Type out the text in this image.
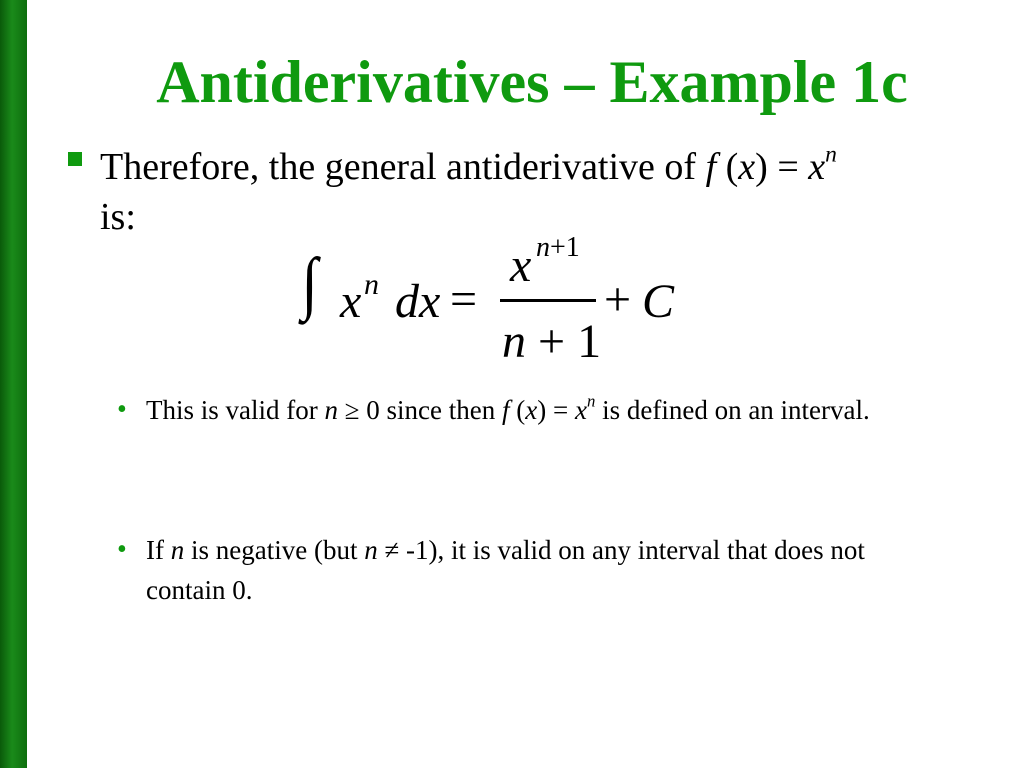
Antiderivatives – Example 1c
Therefore, the general antiderivative of f $(x) = x^n$
is:
∫ x n dx =
x n+1
n + 1
+ C
• This is valid for n ≥ 0 since then f $(x) = x^n$ is defined on an interval.
• If n is negative (but n ≠ -1), it is valid on any interval that does not contain 0.
